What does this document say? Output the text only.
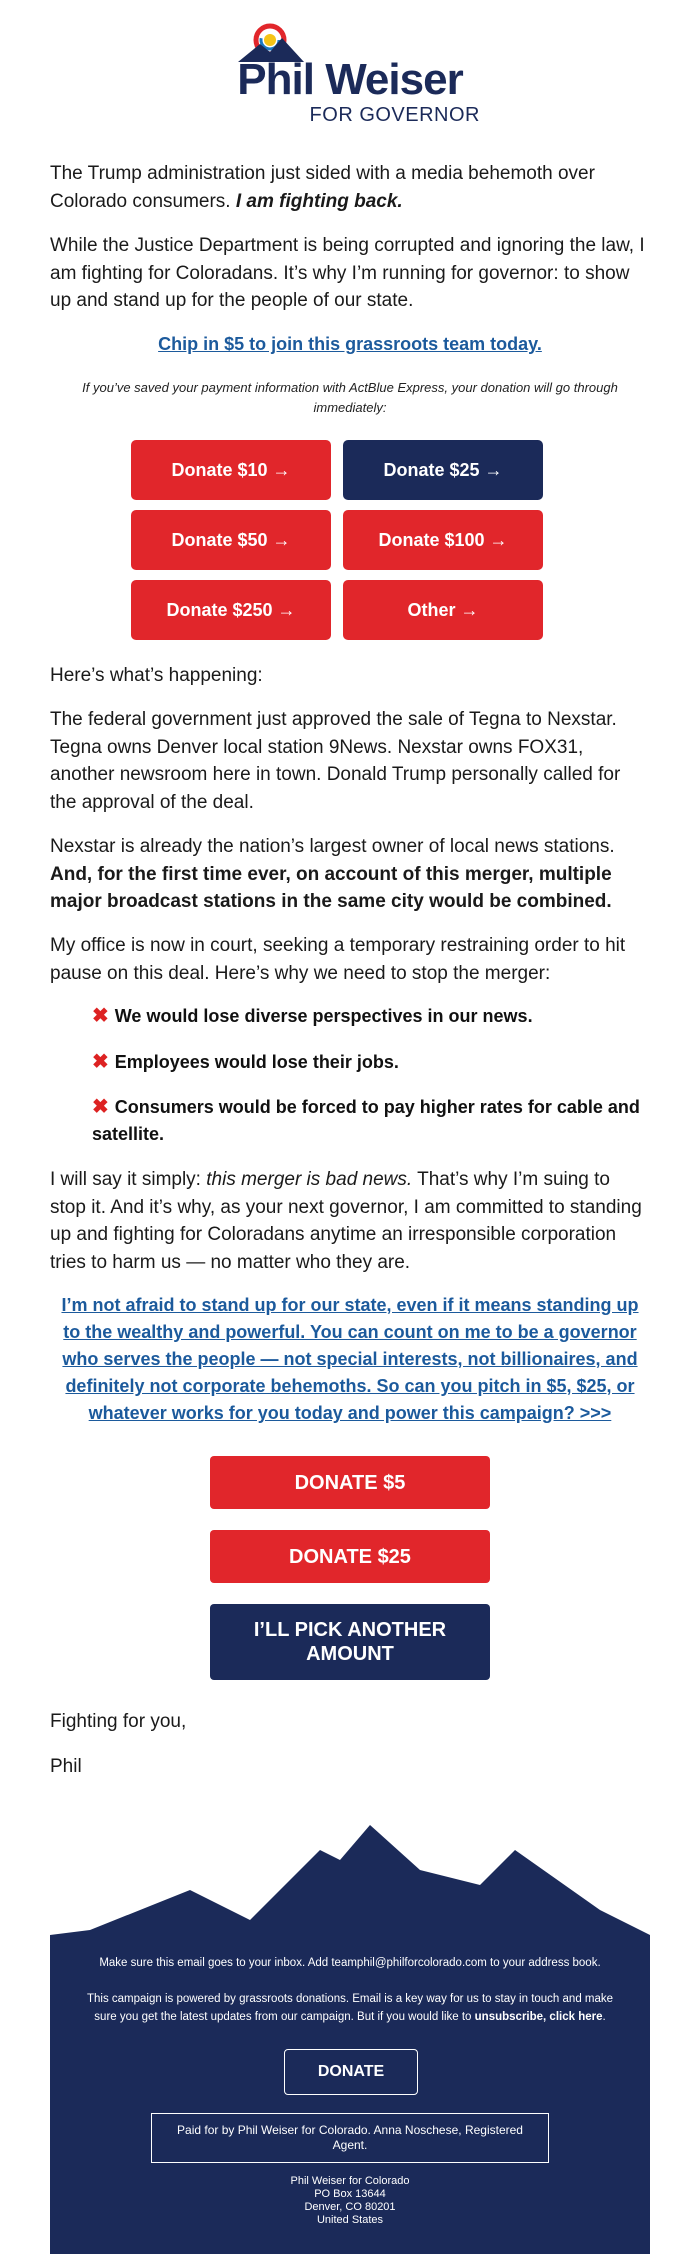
Phil Weiser
FOR GOVERNOR
The Trump administration just sided with a media behemoth over Colorado consumers. I am fighting back.
While the Justice Department is being corrupted and ignoring the law, I am fighting for Coloradans. It’s why I’m running for governor: to show up and stand up for the people of our state.
Chip in $5 to join this grassroots team today.
If you’ve saved your payment information with ActBlue Express, your donation will go through immediately:
Donate $10 →	Donate $25 →
Donate $50 →	Donate $100 →
Donate $250 →	Other →
Here’s what’s happening:
The federal government just approved the sale of Tegna to Nexstar. Tegna owns Denver local station 9News. Nexstar owns FOX31, another newsroom here in town. Donald Trump personally called for the approval of the deal.
Nexstar is already the nation’s largest owner of local news stations. And, for the first time ever, on account of this merger, multiple major broadcast stations in the same city would be combined.
My office is now in court, seeking a temporary restraining order to hit pause on this deal. Here’s why we need to stop the merger:
✖ We would lose diverse perspectives in our news.
✖ Employees would lose their jobs.
✖ Consumers would be forced to pay higher rates for cable and satellite.
I will say it simply: this merger is bad news. That’s why I’m suing to stop it. And it’s why, as your next governor, I am committed to standing up and fighting for Coloradans anytime an irresponsible corporation tries to harm us — no matter who they are.
I’m not afraid to stand up for our state, even if it means standing up to the wealthy and powerful. You can count on me to be a governor who serves the people — not special interests, not billionaires, and definitely not corporate behemoths. So can you pitch in $5, $25, or whatever works for you today and power this campaign? >>>
DONATE $5
DONATE $25
I’LL PICK ANOTHER AMOUNT
Fighting for you,
Phil
Make sure this email goes to your inbox. Add teamphil@philforcolorado.com to your address book.
This campaign is powered by grassroots donations. Email is a key way for us to stay in touch and make sure you get the latest updates from our campaign. But if you would like to unsubscribe, click here.
DONATE
Paid for by Phil Weiser for Colorado. Anna Noschese, Registered Agent.
Phil Weiser for Colorado
PO Box 13644
Denver, CO 80201
United States
